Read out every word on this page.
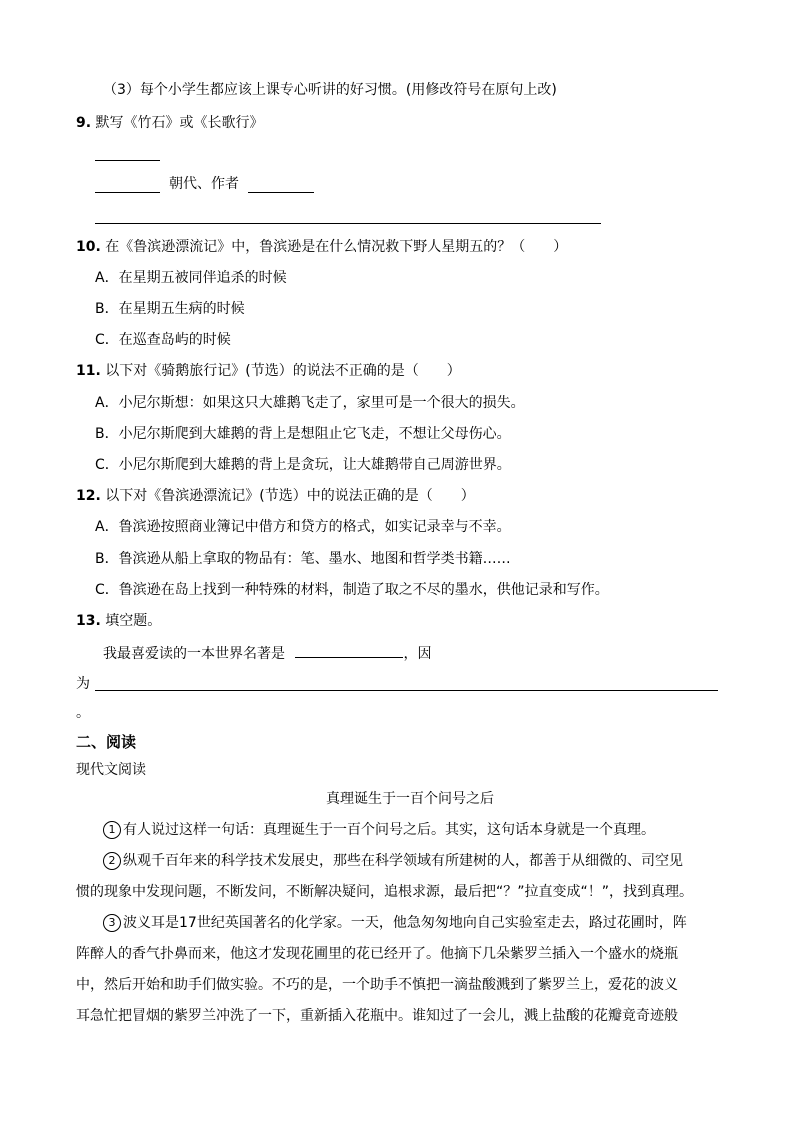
（3）每个小学生都应该上课专心听讲的好习惯。(用修改符号在原句上改)
9. 默写《竹石》或《长歌行》
朝代、作者
10. 在《鲁滨逊漂流记》中，鲁滨逊是在什么情况救下野人星期五的？（　　）
A．在星期五被同伴追杀的时候
B．在星期五生病的时候
C．在巡查岛屿的时候
11. 以下对《骑鹅旅行记》(节选）的说法不正确的是（　　）
A．小尼尔斯想：如果这只大雄鹅飞走了，家里可是一个很大的损失。
B．小尼尔斯爬到大雄鹅的背上是想阻止它飞走，不想让父母伤心。
C．小尼尔斯爬到大雄鹅的背上是贪玩，让大雄鹅带自己周游世界。
12. 以下对《鲁滨逊漂流记》(节选）中的说法正确的是（　　）
A．鲁滨逊按照商业簿记中借方和贷方的格式，如实记录幸与不幸。
B．鲁滨逊从船上拿取的物品有：笔、墨水、地图和哲学类书籍……
C．鲁滨逊在岛上找到一种特殊的材料，制造了取之不尽的墨水，供他记录和写作。
13. 填空题。
我最喜爱读的一本世界名著是	，因
为
。
二、阅读
现代文阅读
真理诞生于一百个问号之后
1 有人说过这样一句话：真理诞生于一百个问号之后。其实，这句话本身就是一个真理。
2 纵观千百年来的科学技术发展史，那些在科学领域有所建树的人，都善于从细微的、司空见
惯的现象中发现问题，不断发问，不断解决疑问，追根求源，最后把“？”拉直变成“！”，找到真理。
3 波义耳是17世纪英国著名的化学家。一天，他急匆匆地向自己实验室走去，路过花圃时，阵
阵醉人的香气扑鼻而来，他这才发现花圃里的花已经开了。他摘下几朵紫罗兰插入一个盛水的烧瓶
中，然后开始和助手们做实验。不巧的是，一个助手不慎把一滴盐酸溅到了紫罗兰上，爱花的波义
耳急忙把冒烟的紫罗兰冲洗了一下，重新插入花瓶中。谁知过了一会儿，溅上盐酸的花瓣竟奇迹般
